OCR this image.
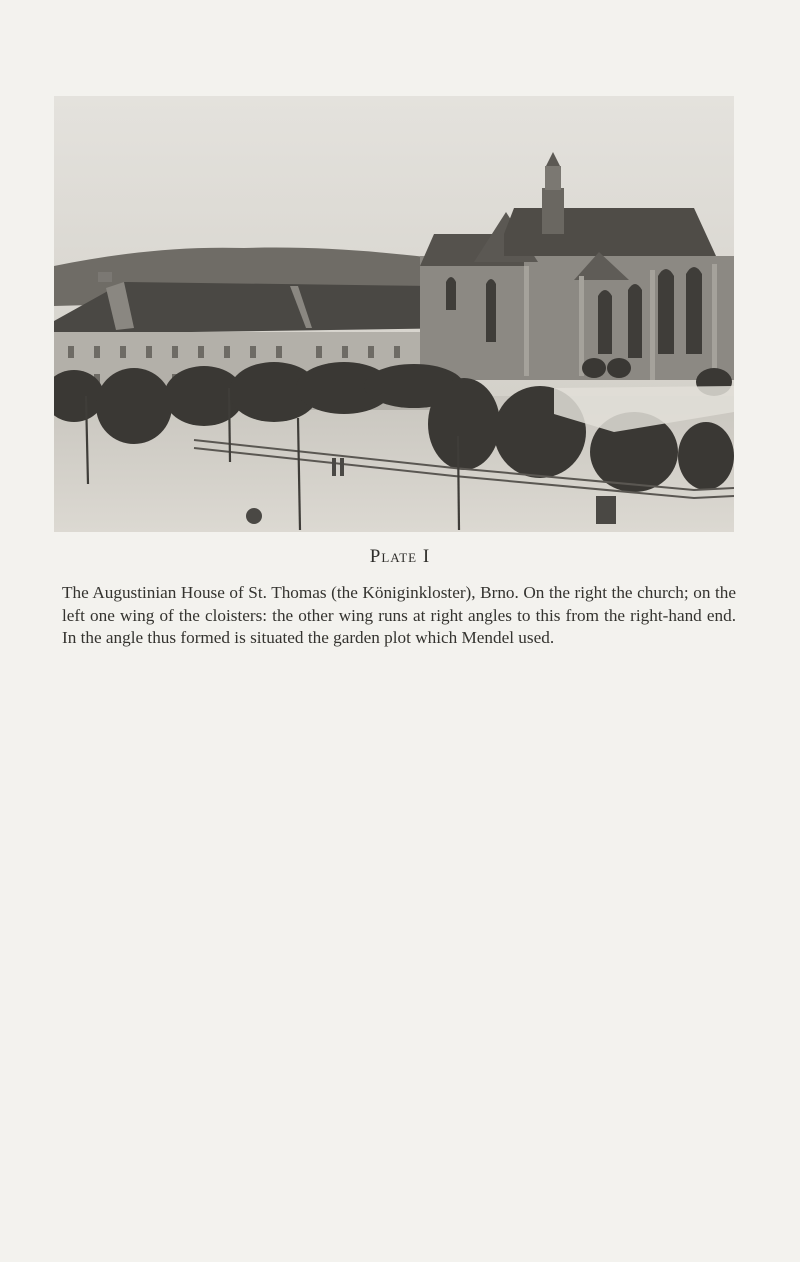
Plate I

The Augustinian House of St. Thomas (the Königinkloster), Brno. On the right the church; on the left one wing of the cloisters: the other wing runs at right angles to this from the right-hand end. In the angle thus formed is situated the garden plot which Mendel used.
